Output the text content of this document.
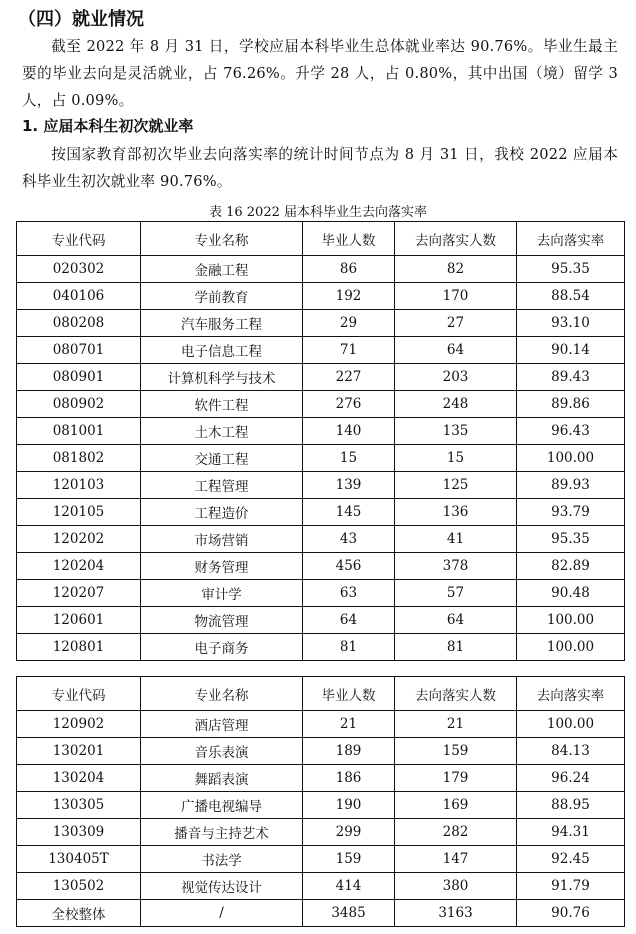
（四）就业情况
截至 2022 年 8 月 31 日，学校应届本科毕业生总体就业率达 90.76%。毕业生最主要的毕业去向是灵活就业，占 76.26%。升学 28 人，占 0.80%，其中出国（境）留学 3 人，占 0.09%。
1. 应届本科生初次就业率
按国家教育部初次毕业去向落实率的统计时间节点为 8 月 31 日，我校 2022 应届本科毕业生初次就业率 90.76%。
表 16 2022 届本科毕业生去向落实率
专业代码	专业名称	毕业人数	去向落实人数	去向落实率
020302	金融工程	86	82	95.35
040106	学前教育	192	170	88.54
080208	汽车服务工程	29	27	93.10
080701	电子信息工程	71	64	90.14
080901	计算机科学与技术	227	203	89.43
080902	软件工程	276	248	89.86
081001	土木工程	140	135	96.43
081802	交通工程	15	15	100.00
120103	工程管理	139	125	89.93
120105	工程造价	145	136	93.79
120202	市场营销	43	41	95.35
120204	财务管理	456	378	82.89
120207	审计学	63	57	90.48
120601	物流管理	64	64	100.00
120801	电子商务	81	81	100.00
专业代码	专业名称	毕业人数	去向落实人数	去向落实率
120902	酒店管理	21	21	100.00
130201	音乐表演	189	159	84.13
130204	舞蹈表演	186	179	96.24
130305	广播电视编导	190	169	88.95
130309	播音与主持艺术	299	282	94.31
130405T	书法学	159	147	92.45
130502	视觉传达设计	414	380	91.79
全校整体	/	3485	3163	90.76
